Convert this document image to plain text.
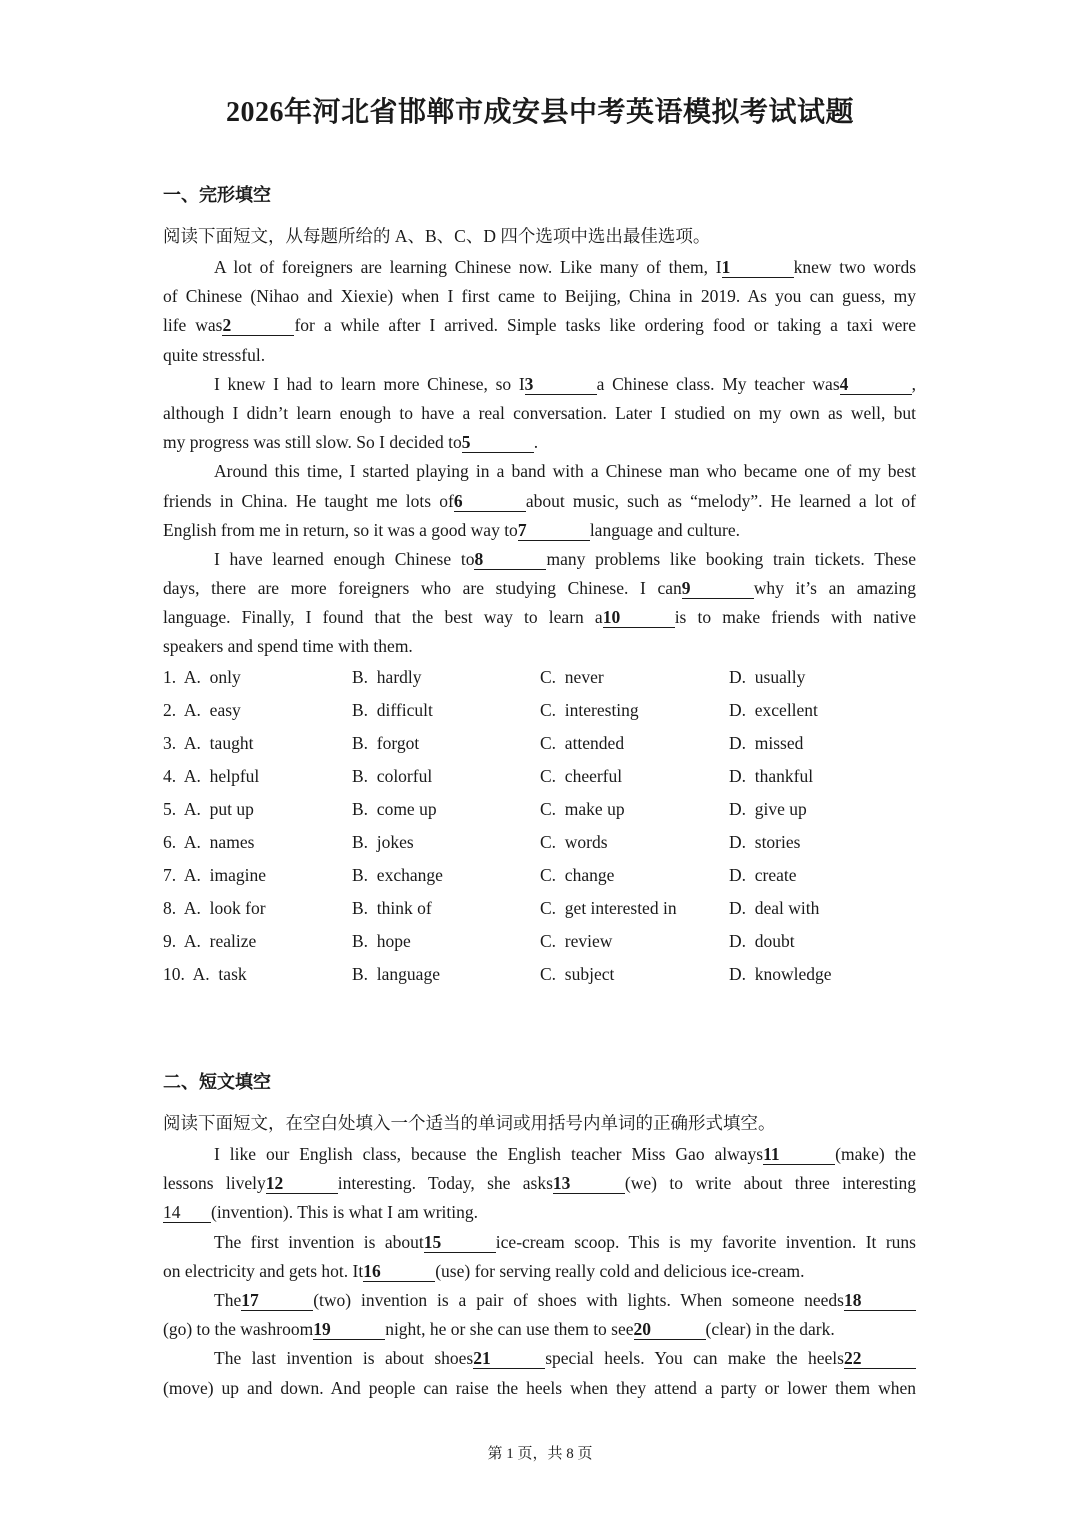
2026年河北省邯郸市成安县中考英语模拟考试试题
一、完形填空
阅读下面短文，从每题所给的 A、B、C、D 四个选项中选出最佳选项。
A lot of foreigners are learning Chinese now. Like many of them, I1	knew two words
of Chinese (Nihao and Xiexie) when I first came to Beijing, China in 2019. As you can guess, my
life was2	for a while after I arrived. Simple tasks like ordering food or taking a taxi were
quite stressful.
I knew I had to learn more Chinese, so I3	a Chinese class. My teacher was4	,
although I didn’t learn enough to have a real conversation. Later I studied on my own as well, but
my progress was still slow. So I decided to5	.
Around this time, I started playing in a band with a Chinese man who became one of my best
friends in China. He taught me lots of6	about music, such as “melody”. He learned a lot of
English from me in return, so it was a good way to7	language and culture.
I have learned enough Chinese to8	many problems like booking train tickets. These
days, there are more foreigners who are studying Chinese. I can9	why it’s an amazing
language. Finally, I found that the best way to learn a10	is to make friends with native
speakers and spend time with them.
1. A.  only	B.  hardly	C.  never	D.  usually
2. A.  easy	B.  difficult	C.  interesting	D.  excellent
3. A.  taught	B.  forgot	C.  attended	D.  missed
4. A.  helpful	B.  colorful	C.  cheerful	D.  thankful
5. A.  put up	B.  come up	C.  make up	D.  give up
6. A.  names	B.  jokes	C.  words	D.  stories
7. A.  imagine	B.  exchange	C.  change	D.  create
8. A.  look for	B.  think of	C.  get interested in	D.  deal with
9. A.  realize	B.  hope	C.  review	D.  doubt
10. A.  task	B.  language	C.  subject	D.  knowledge
二、短文填空
阅读下面短文，在空白处填入一个适当的单词或用括号内单词的正确形式填空。
I like our English class, because the English teacher Miss Gao always11	(make) the
lessons lively12	interesting. Today, she asks13	(we) to write about three interesting
14 (invention). This is what I am writing.
The first invention is about15	ice-cream scoop. This is my favorite invention. It runs
on electricity and gets hot. It16	(use) for serving really cold and delicious ice-cream.
The17	(two) invention is a pair of shoes with lights. When someone needs18
(go) to the washroom19	night, he or she can use them to see20	(clear) in the dark.
The last invention is about shoes21	special heels. You can make the heels22
(move) up and down. And people can raise the heels when they attend a party or lower them when
第 1 页，共 8 页
